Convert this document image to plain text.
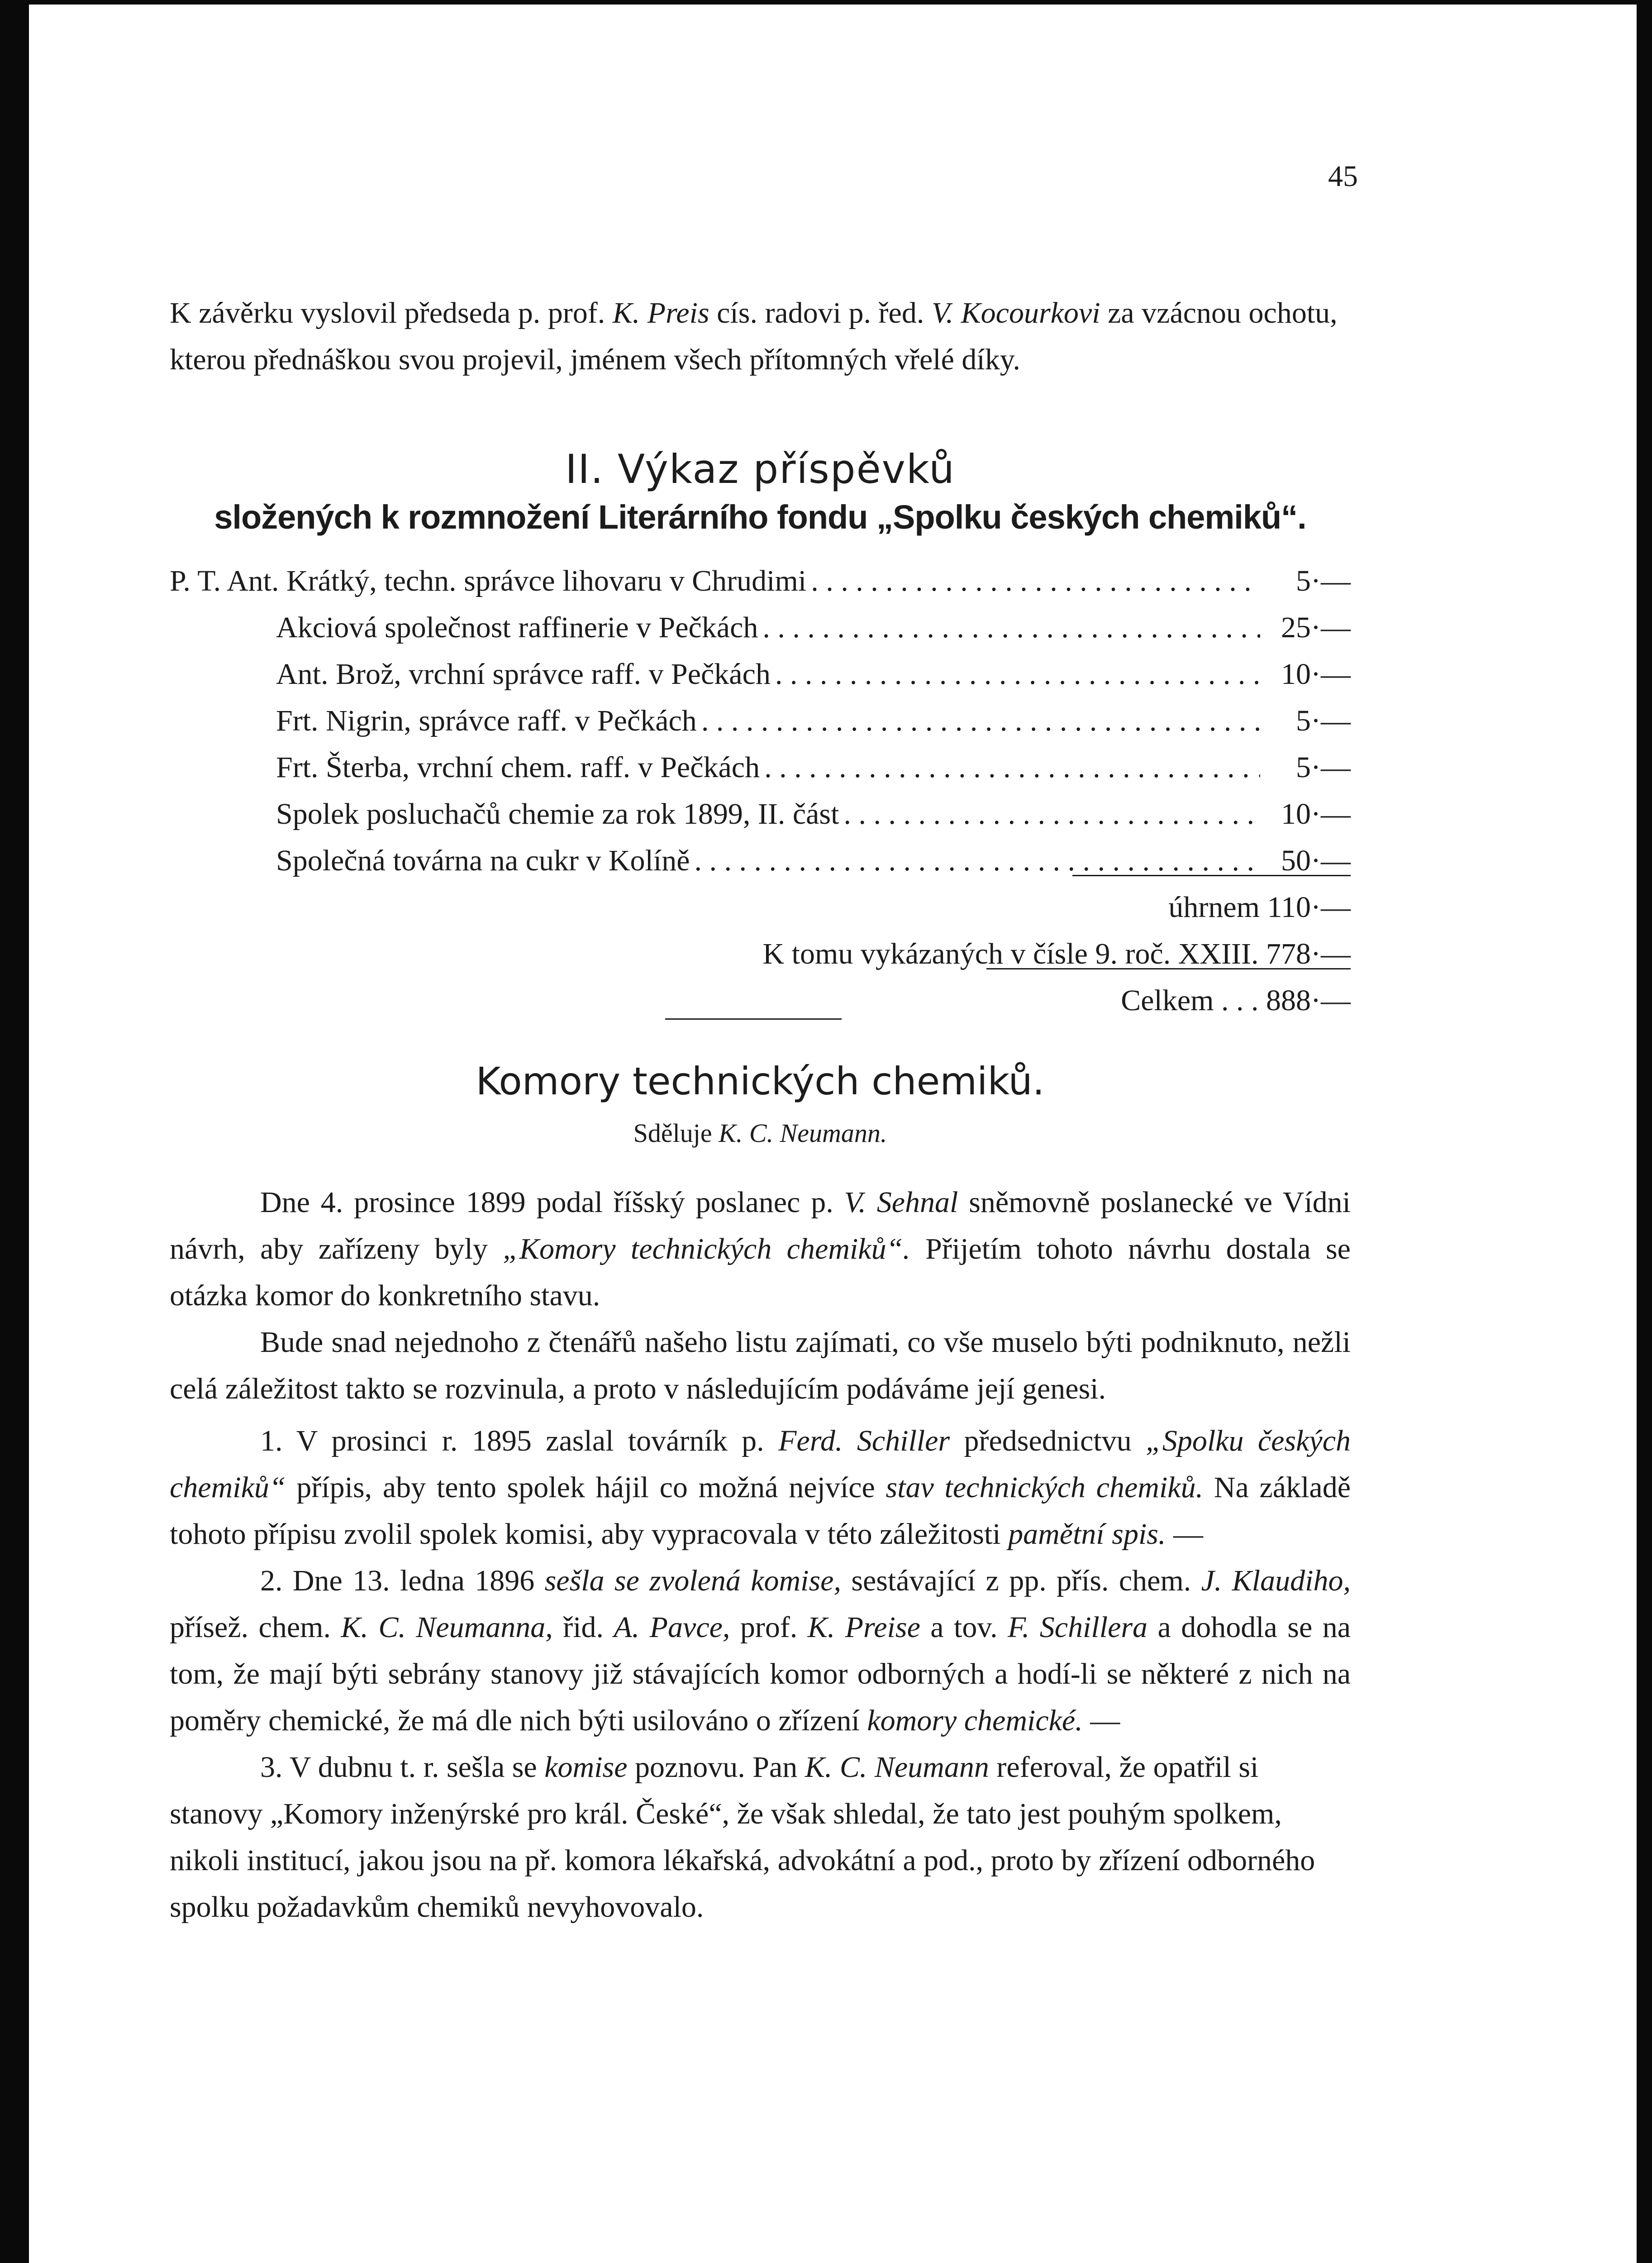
45

K závěrku vyslovil předseda p. prof. K. Preis cís. radovi p. řed. V. Kocourkovi za vzácnou ochotu, kterou přednáškou svou projevil, jménem všech přítomných vřelé díky.

II. Výkaz příspěvků

složených k rozmnožení Literárního fondu „Spolku českých chemiků“.

P. T. Ant. Krátký, techn. správce lihovaru v Chrudimi . . .	5·—
Akciová společnost raffinerie v Pečkách . . .	25·—
Ant. Brož, vrchní správce raff. v Pečkách . . .	10·—
Frt. Nigrin, správce raff. v Pečkách . . .	5·—
Frt. Šterba, vrchní chem. raff. v Pečkách . . .	5·—
Spolek posluchačů chemie za rok 1899, II. část . . .	10·—
Společná továrna na cukr v Kolíně . . .	50·—
úhrnem 110·—
K tomu vykázaných v čísle 9. roč. XXIII. 778·—
Celkem . . . 888·—

Komory technických chemiků.

Sděluje K. C. Neumann.

Dne 4. prosince 1899 podal říšský poslanec p. V. Sehnal sněmovně poslanecké ve Vídni návrh, aby zařízeny byly „Komory technických chemiků“. Přijetím tohoto návrhu dostala se otázka komor do konkretního stavu.

Bude snad nejednoho z čtenářů našeho listu zajímati, co vše muselo býti podniknuto, nežli celá záležitost takto se rozvinula, a proto v následujícím podáváme její genesi.

1. V prosinci r. 1895 zaslal továrník p. Ferd. Schiller předsednictvu „Spolku českých chemiků“ přípis, aby tento spolek hájil co možná nejvíce stav technických chemiků. Na základě tohoto přípisu zvolil spolek komisi, aby vypracovala v této záležitosti pamětní spis. —

2. Dne 13. ledna 1896 sešla se zvolená komise, sestávající z pp. přís. chem. J. Klaudiho, přísež. chem. K. C. Neumanna, řid. A. Pavce, prof. K. Preise a tov. F. Schillera a dohodla se na tom, že mají býti sebrány stanovy již stávajících komor odborných a hodí-li se některé z nich na poměry chemické, že má dle nich býti usilováno o zřízení komory chemické. —

3. V dubnu t. r. sešla se komise poznovu. Pan K. C. Neumann referoval, že opatřil si stanovy „Komory inženýrské pro král. České“, že však shledal, že tato jest pouhým spolkem, nikoli institucí, jakou jsou na př. komora lékařská, advokátní a pod., proto by zřízení odborného spolku požadavkům chemiků nevyhovovalo.
